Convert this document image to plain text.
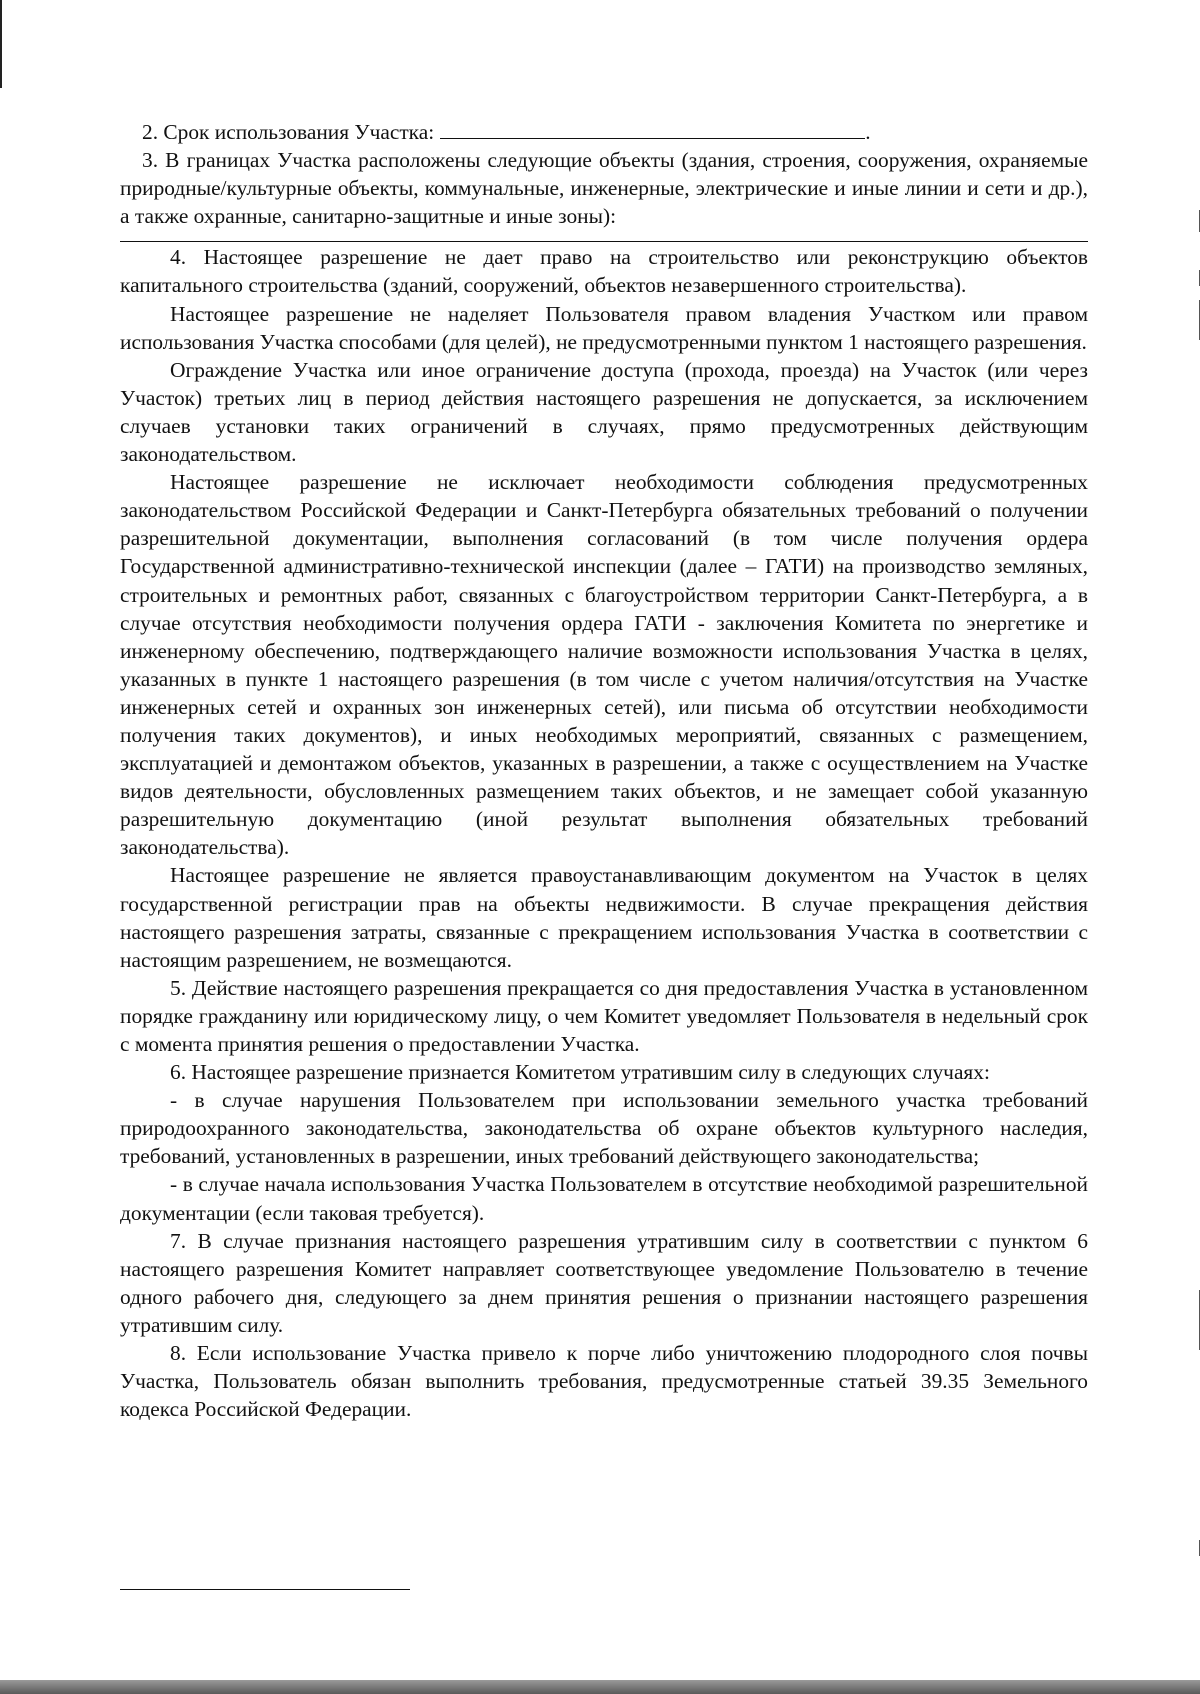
2. Срок использования Участка:	.

3. В границах Участка расположены следующие объекты (здания, строения, сооружения, охраняемые природные/культурные объекты, коммунальные, инженерные, электрические и иные линии и сети и др.), а также охранные, санитарно-защитные и иные зоны):

4. Настоящее разрешение не дает право на строительство или реконструкцию объектов капитального строительства (зданий, сооружений, объектов незавершенного строительства).

Настоящее разрешение не наделяет Пользователя правом владения Участком или правом использования Участка способами (для целей), не предусмотренными пунктом 1 настоящего разрешения.

Ограждение Участка или иное ограничение доступа (прохода, проезда) на Участок (или через Участок) третьих лиц в период действия настоящего разрешения не допускается, за исключением случаев установки таких ограничений в случаях, прямо предусмотренных действующим законодательством.

Настоящее разрешение не исключает необходимости соблюдения предусмотренных законодательством Российской Федерации и Санкт-Петербурга обязательных требований о получении разрешительной документации, выполнения согласований (в том числе получения ордера Государственной административно-технической инспекции (далее – ГАТИ) на производство земляных, строительных и ремонтных работ, связанных с благоустройством территории Санкт-Петербурга, а в случае отсутствия необходимости получения ордера ГАТИ - заключения Комитета по энергетике и инженерному обеспечению, подтверждающего наличие возможности использования Участка в целях, указанных в пункте 1 настоящего разрешения (в том числе с учетом наличия/отсутствия на Участке инженерных сетей и охранных зон инженерных сетей), или письма об отсутствии необходимости получения таких документов), и иных необходимых мероприятий, связанных с размещением, эксплуатацией и демонтажом объектов, указанных в разрешении, а также с осуществлением на Участке видов деятельности, обусловленных размещением таких объектов, и не замещает собой указанную разрешительную документацию (иной результат выполнения обязательных требований законодательства).

Настоящее разрешение не является правоустанавливающим документом на Участок в целях государственной регистрации прав на объекты недвижимости. В случае прекращения действия настоящего разрешения затраты, связанные с прекращением использования Участка в соответствии с настоящим разрешением, не возмещаются.

5. Действие настоящего разрешения прекращается со дня предоставления Участка в установленном порядке гражданину или юридическому лицу, о чем Комитет уведомляет Пользователя в недельный срок с момента принятия решения о предоставлении Участка.

6. Настоящее разрешение признается Комитетом утратившим силу в следующих случаях:

- в случае нарушения Пользователем при использовании земельного участка требований природоохранного законодательства, законодательства об охране объектов культурного наследия, требований, установленных в разрешении, иных требований действующего законодательства;

- в случае начала использования Участка Пользователем в отсутствие необходимой разрешительной документации (если таковая требуется).

7. В случае признания настоящего разрешения утратившим силу в соответствии с пунктом 6 настоящего разрешения Комитет направляет соответствующее уведомление Пользователю в течение одного рабочего дня, следующего за днем принятия решения о признании настоящего разрешения утратившим силу.

8. Если использование Участка привело к порче либо уничтожению плодородного слоя почвы Участка, Пользователь обязан выполнить требования, предусмотренные статьей 39.35 Земельного кодекса Российской Федерации.
